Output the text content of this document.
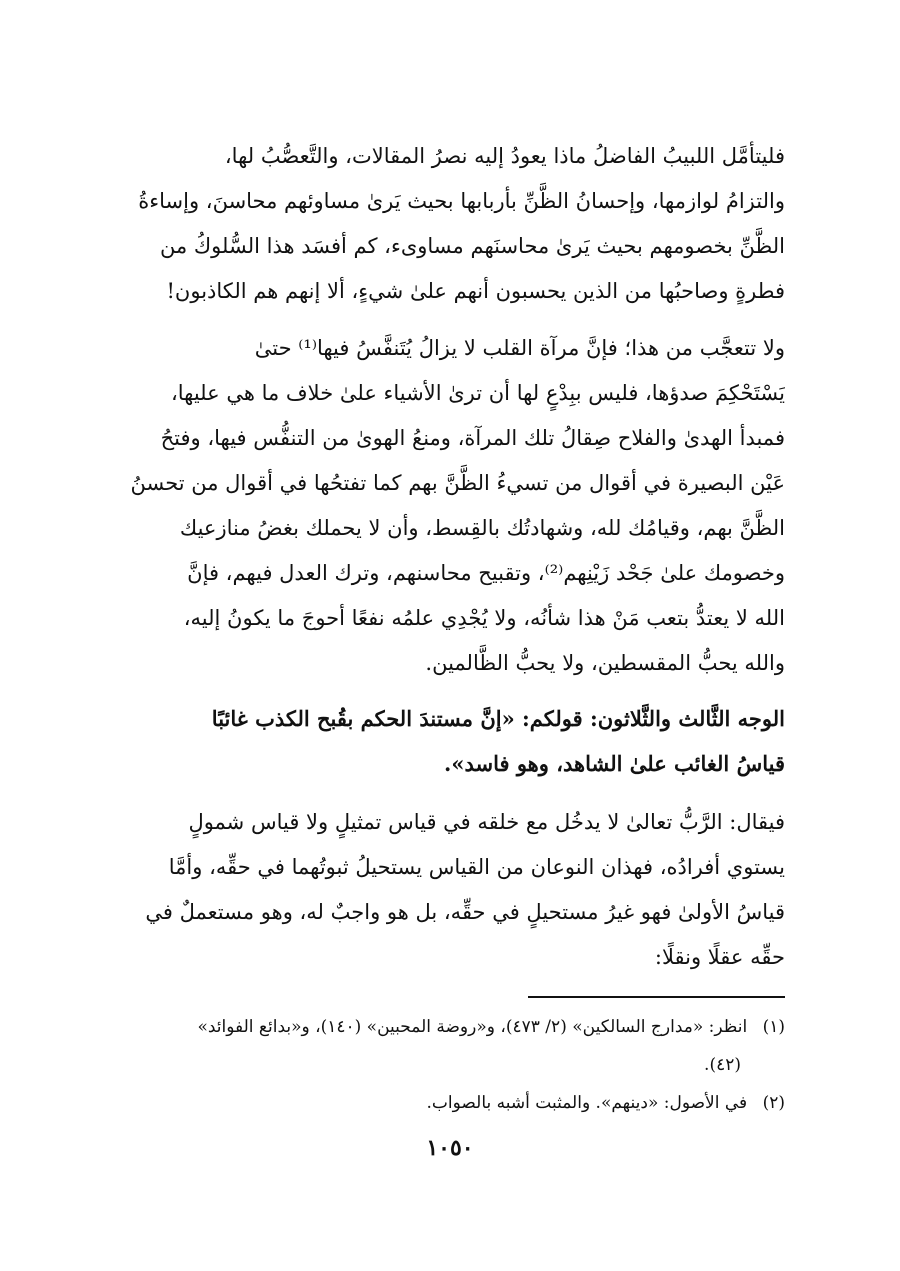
فليتأمَّل اللبيبُ الفاضلُ ماذا يعودُ إليه نصرُ المقالات، والتَّعصُّبُ لها،
والتزامُ لوازمها، وإحسانُ الظَّنِّ بأربابها بحيث يَرىٰ مساوئهم محاسنَ، وإساءةُ
الظَّنِّ بخصومهم بحيث يَرىٰ محاسنَهم مساوىء، كم أفسَد هذا السُّلوكُ من
فطرةٍ وصاحبُها من الذين يحسبون أنهم علىٰ شيءٍ، ألا إنهم هم الكاذبون!
ولا تتعجَّب من هذا؛ فإنَّ مرآة القلب لا يزالُ يُتَنفَّسُ فيها⁽¹⁾ حتىٰ
يَسْتَحْكِمَ صدؤها، فليس ببِدْعٍ لها أن ترىٰ الأشياء علىٰ خلاف ما هي عليها،
فمبدأ الهدىٰ والفلاح صِقالُ تلك المرآة، ومنعُ الهوىٰ من التنفُّس فيها، وفتحُ
عَيْن البصيرة في أقوال من تسيءُ الظَّنَّ بهم كما تفتحُها في أقوال من تحسنُ
الظَّنَّ بهم، وقيامُك لله، وشهادتُك بالقِسط، وأن لا يحملك بغضُ منازعيك
وخصومك علىٰ جَحْد زَيْنِهم⁽²⁾، وتقبيح محاسنهم، وترك العدل فيهم، فإنَّ
الله لا يعتدُّ بتعب مَنْ هذا شأنُه، ولا يُجْدِي علمُه نفعًا أحوجَ ما يكونُ إليه،
والله يحبُّ المقسطين، ولا يحبُّ الظَّالمين.
الوجه الثَّالث والثَّلاثون: قولكم: «إنَّ مستندَ الحكم بقُبح الكذب غائبًا
قياسُ الغائب علىٰ الشاهد، وهو فاسد».
فيقال: الرَّبُّ تعالىٰ لا يدخُل مع خلقه في قياس تمثيلٍ ولا قياس شمولٍ
يستوي أفرادُه، فهذان النوعان من القياس يستحيلُ ثبوتُهما في حقِّه، وأمَّا
قياسُ الأولىٰ فهو غيرُ مستحيلٍ في حقِّه، بل هو واجبٌ له، وهو مستعملٌ في
حقِّه عقلًا ونقلًا:
(١) انظر: «مدارج السالكين» (٢/ ٤٧٣)، و«روضة المحبين» (١٤٠)، و«بدائع الفوائد»
(٤٢).
(٢) في الأصول: «دينهم». والمثبت أشبه بالصواب.
١٠٥٠
